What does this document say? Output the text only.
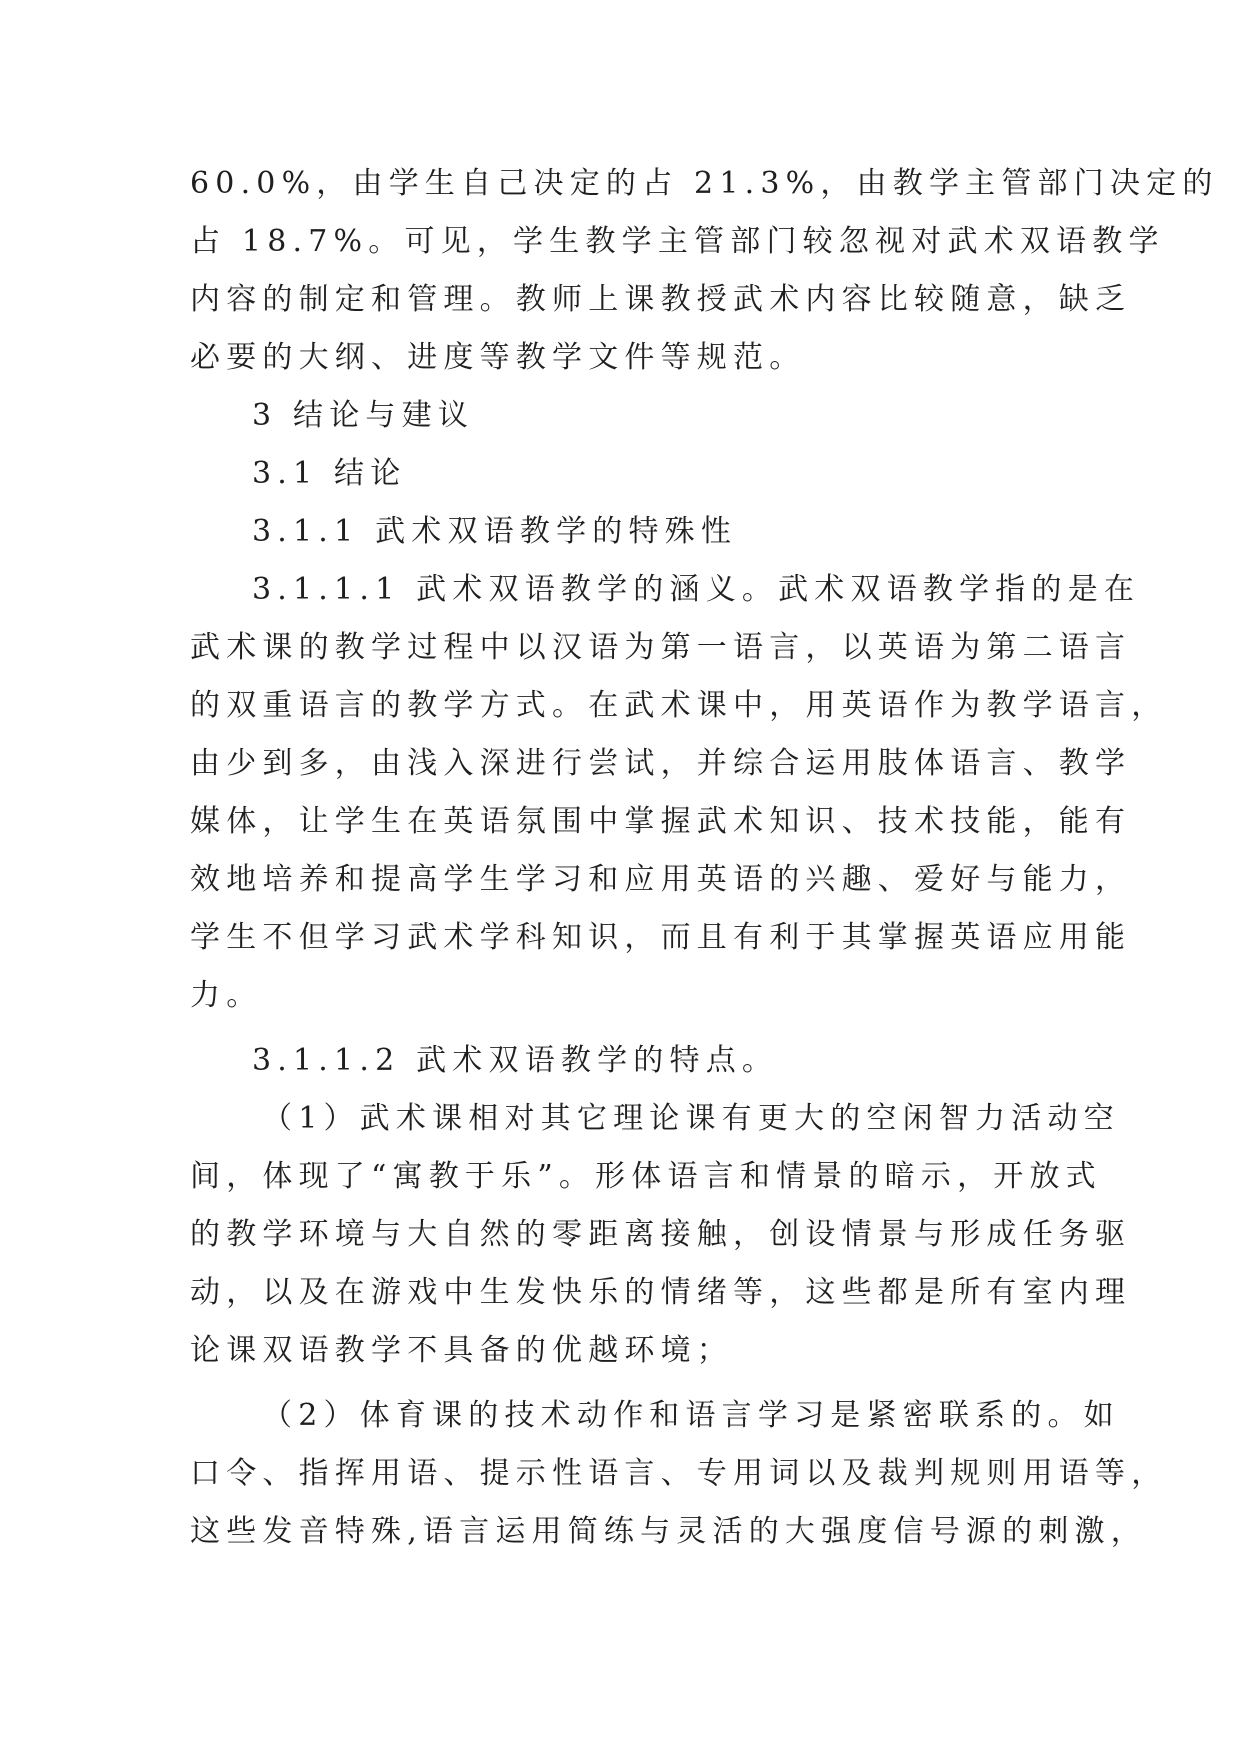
60.0%，由学生自己决定的占 21.3%，由教学主管部门决定的
占 18.7%。可见，学生教学主管部门较忽视对武术双语教学
内容的制定和管理。教师上课教授武术内容比较随意，缺乏
必要的大纲、进度等教学文件等规范。
3 结论与建议
3.1 结论
3.1.1 武术双语教学的特殊性
3.1.1.1 武术双语教学的涵义。武术双语教学指的是在
武术课的教学过程中以汉语为第一语言，以英语为第二语言
的双重语言的教学方式。在武术课中，用英语作为教学语言，
由少到多，由浅入深进行尝试，并综合运用肢体语言、教学
媒体，让学生在英语氛围中掌握武术知识、技术技能，能有
效地培养和提高学生学习和应用英语的兴趣、爱好与能力，
学生不但学习武术学科知识，而且有利于其掌握英语应用能
力。
3.1.1.2 武术双语教学的特点。
（1）武术课相对其它理论课有更大的空闲智力活动空
间，体现了“寓教于乐”。形体语言和情景的暗示，开放式
的教学环境与大自然的零距离接触，创设情景与形成任务驱
动，以及在游戏中生发快乐的情绪等，这些都是所有室内理
论课双语教学不具备的优越环境；
（2）体育课的技术动作和语言学习是紧密联系的。如
口令、指挥用语、提示性语言、专用词以及裁判规则用语等，
这些发音特殊,语言运用简练与灵活的大强度信号源的刺激，
